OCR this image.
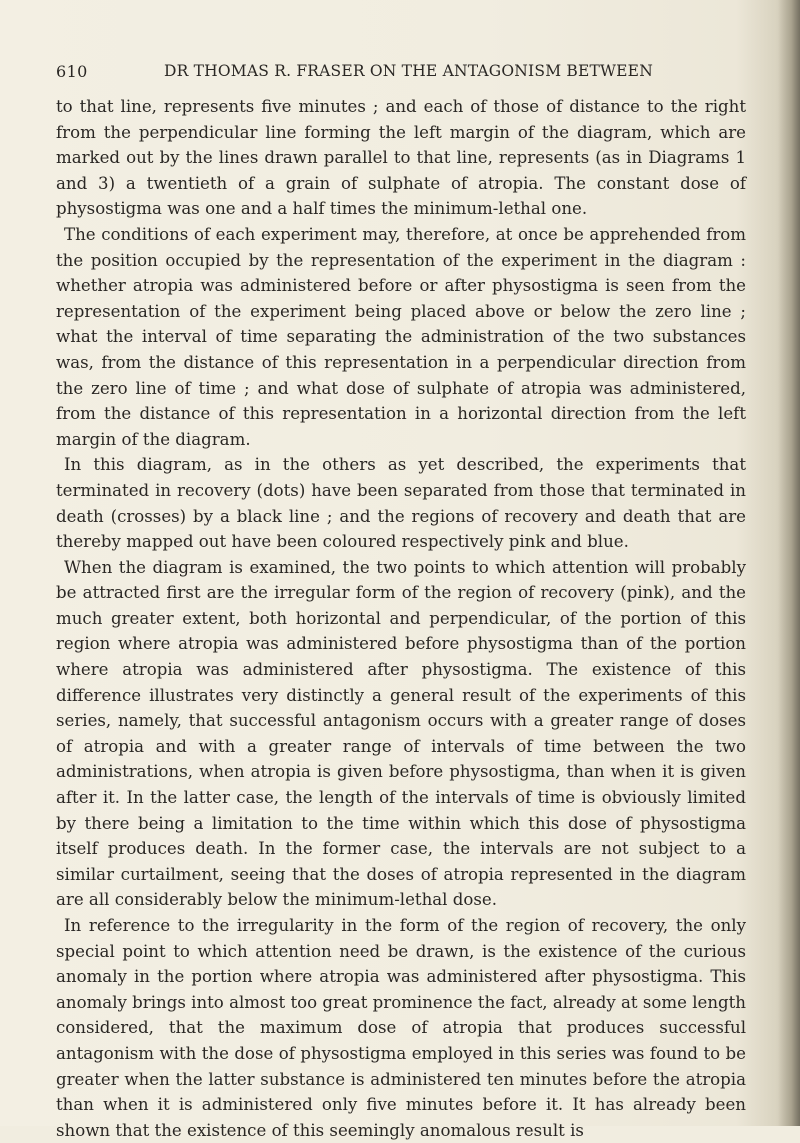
610	DR THOMAS R. FRASER ON THE ANTAGONISM BETWEEN

to that line, represents five minutes ; and each of those of distance to the right from the perpendicular line forming the left margin of the diagram, which are marked out by the lines drawn parallel to that line, represents (as in Diagrams 1 and 3) a twentieth of a grain of sulphate of atropia. The constant dose of physostigma was one and a half times the minimum-lethal one.

The conditions of each experiment may, therefore, at once be apprehended from the position occupied by the representation of the experiment in the diagram : whether atropia was administered before or after physostigma is seen from the representation of the experiment being placed above or below the zero line ; what the interval of time separating the administration of the two substances was, from the distance of this representation in a perpendicular direction from the zero line of time ; and what dose of sulphate of atropia was administered, from the distance of this representation in a horizontal direction from the left margin of the diagram.

In this diagram, as in the others as yet described, the experiments that terminated in recovery (dots) have been separated from those that terminated in death (crosses) by a black line ; and the regions of recovery and death that are thereby mapped out have been coloured respectively pink and blue.

When the diagram is examined, the two points to which attention will probably be attracted first are the irregular form of the region of recovery (pink), and the much greater extent, both horizontal and perpendicular, of the portion of this region where atropia was administered before physostigma than of the portion where atropia was administered after physostigma. The existence of this difference illustrates very distinctly a general result of the experiments of this series, namely, that successful antagonism occurs with a greater range of doses of atropia and with a greater range of intervals of time between the two administrations, when atropia is given before physostigma, than when it is given after it. In the latter case, the length of the intervals of time is obviously limited by there being a limitation to the time within which this dose of physostigma itself produces death. In the former case, the intervals are not subject to a similar curtailment, seeing that the doses of atropia represented in the diagram are all considerably below the minimum-lethal dose.

In reference to the irregularity in the form of the region of recovery, the only special point to which attention need be drawn, is the existence of the curious anomaly in the portion where atropia was administered after physostigma. This anomaly brings into almost too great prominence the fact, already at some length considered, that the maximum dose of atropia that produces successful antagonism with the dose of physostigma employed in this series was found to be greater when the latter substance is administered ten minutes before the atropia than when it is administered only five minutes before it. It has already been shown that the existence of this seemingly anomalous result is
